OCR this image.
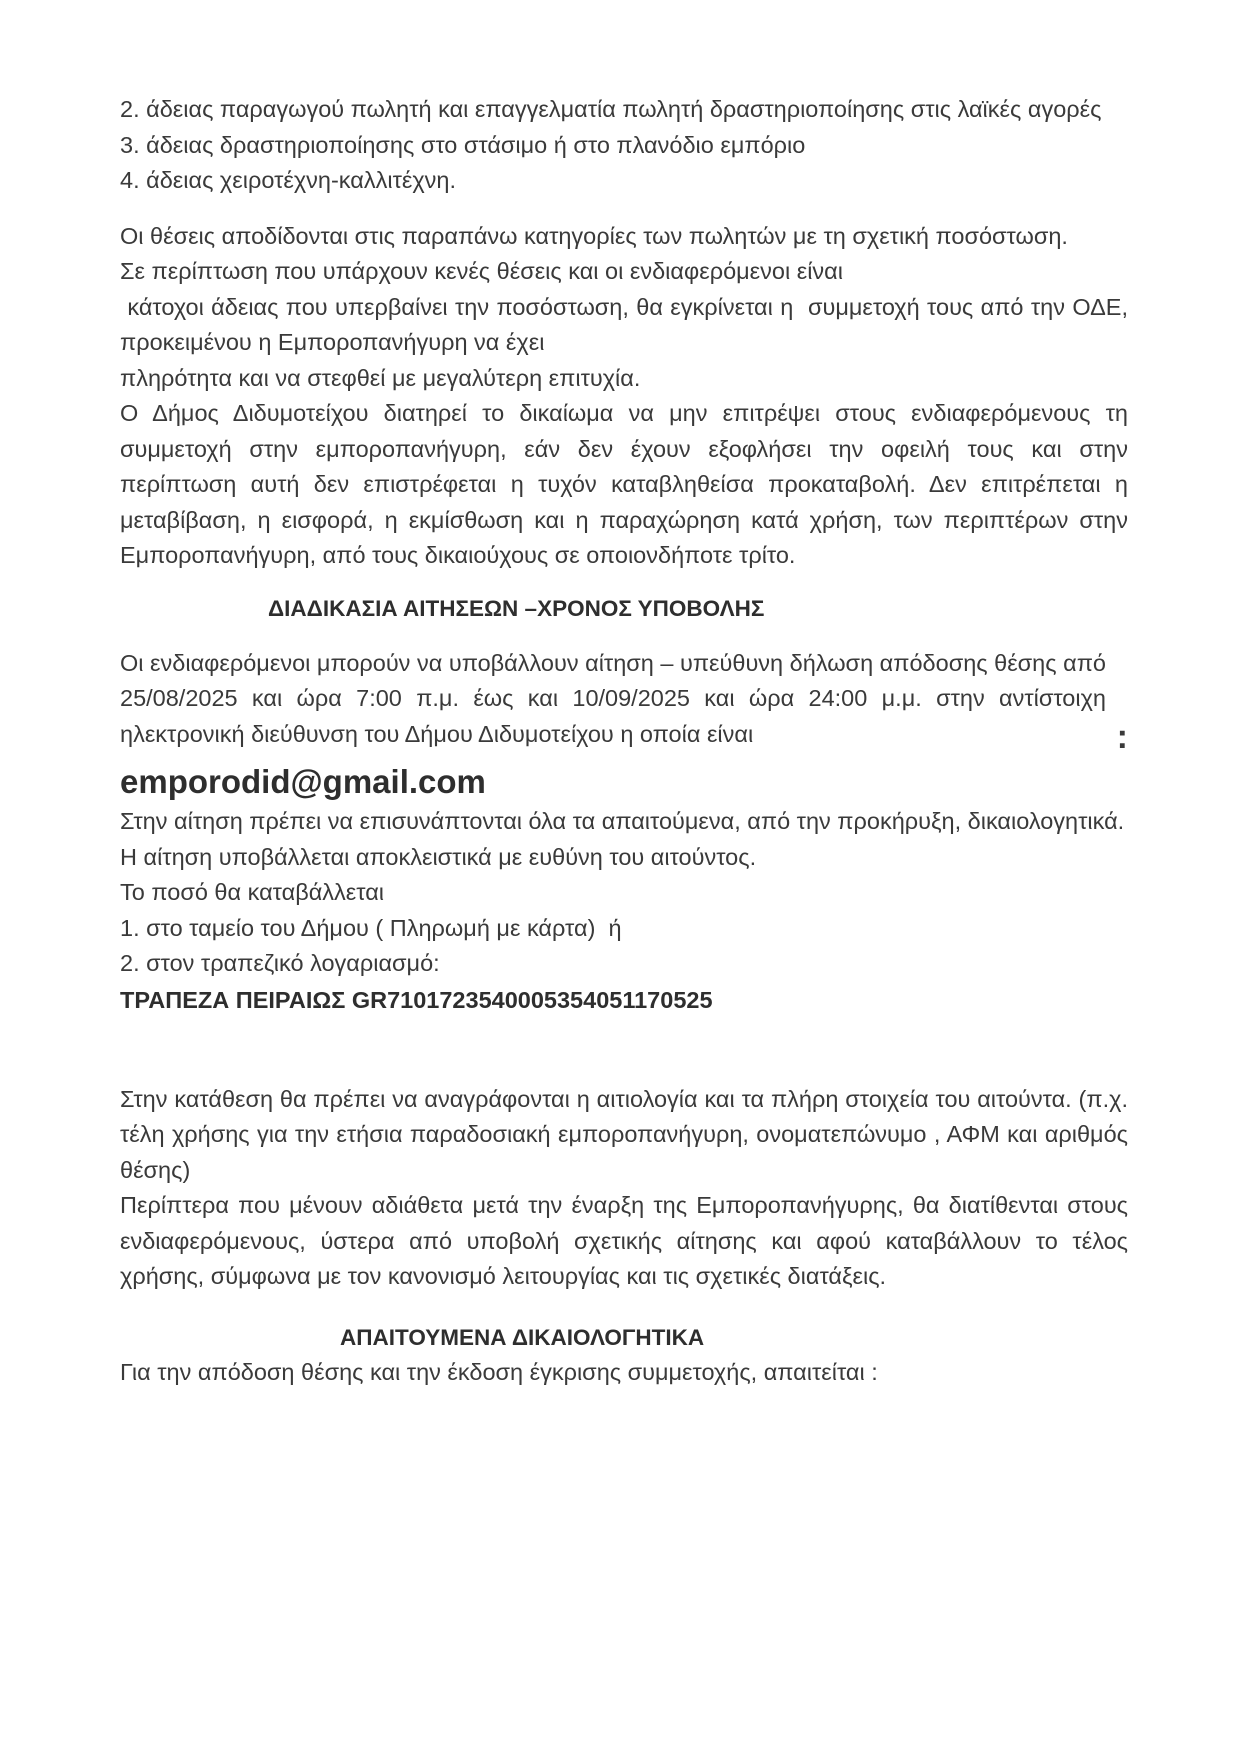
2. άδειας παραγωγού πωλητή και επαγγελματία πωλητή δραστηριοποίησης στις λαϊκές αγορές

3. άδειας δραστηριοποίησης στο στάσιμο ή στο πλανόδιο εμπόριο

4. άδειας χειροτέχνη-καλλιτέχνη.

Οι θέσεις αποδίδονται στις παραπάνω κατηγορίες των πωλητών με τη σχετική ποσόστωση.

Σε περίπτωση που υπάρχουν κενές θέσεις και οι ενδιαφερόμενοι είναι

κάτοχοι άδειας που υπερβαίνει την ποσόστωση, θα εγκρίνεται η  συμμετοχή τους από την ΟΔΕ, προκειμένου η Εμποροπανήγυρη να έχει

πληρότητα και να στεφθεί με μεγαλύτερη επιτυχία.

Ο Δήμος Διδυμοτείχου διατηρεί το δικαίωμα να μην επιτρέψει στους ενδιαφερόμενους τη συμμετοχή στην εμποροπανήγυρη, εάν δεν έχουν εξοφλήσει την οφειλή τους και στην περίπτωση αυτή δεν επιστρέφεται η τυχόν καταβληθείσα προκαταβολή. Δεν επιτρέπεται η μεταβίβαση, η εισφορά, η εκμίσθωση και η παραχώρηση κατά χρήση, των περιπτέρων στην Εμποροπανήγυρη, από τους δικαιούχους σε οποιονδήποτε τρίτο.

ΔΙΑΔΙΚΑΣΙΑ ΑΙΤΗΣΕΩΝ –ΧΡΟΝΟΣ ΥΠΟΒΟΛΗΣ

Οι ενδιαφερόμενοι μπορούν να υποβάλλουν αίτηση – υπεύθυνη δήλωση απόδοσης θέσης από 25/08/2025 και ώρα 7:00 π.μ. έως και 10/09/2025 και ώρα 24:00 μ.μ. στην αντίστοιχη  ηλεκτρονική διεύθυνση του Δήμου Διδυμοτείχου η οποία είναι	:

emporodid@gmail.com

Στην αίτηση πρέπει να επισυνάπτονται όλα τα απαιτούμενα, από την προκήρυξη, δικαιολογητικά.

Η αίτηση υποβάλλεται αποκλειστικά με ευθύνη του αιτούντος.

Το ποσό θα καταβάλλεται

1. στο ταμείο του Δήμου ( Πληρωμή με κάρτα)  ή

2. στον τραπεζικό λογαριασμό:

ΤΡΑΠΕΖΑ ΠΕΙΡΑΙΩΣ GR7101723540005354051170525

Στην κατάθεση θα πρέπει να αναγράφονται η αιτιολογία και τα πλήρη στοιχεία του αιτούντα. (π.χ. τέλη χρήσης για την ετήσια παραδοσιακή εμποροπανήγυρη, ονοματεπώνυμο , ΑΦΜ και αριθμός θέσης)

Περίπτερα που μένουν αδιάθετα μετά την έναρξη της Εμποροπανήγυρης, θα διατίθενται στους ενδιαφερόμενους, ύστερα από υποβολή σχετικής αίτησης και αφού καταβάλλουν το τέλος χρήσης, σύμφωνα με τον κανονισμό λειτουργίας και τις σχετικές διατάξεις.

ΑΠΑΙΤΟΥΜΕΝΑ ΔΙΚΑΙΟΛΟΓΗΤΙΚΑ

Για την απόδοση θέσης και την έκδοση έγκρισης συμμετοχής, απαιτείται :
